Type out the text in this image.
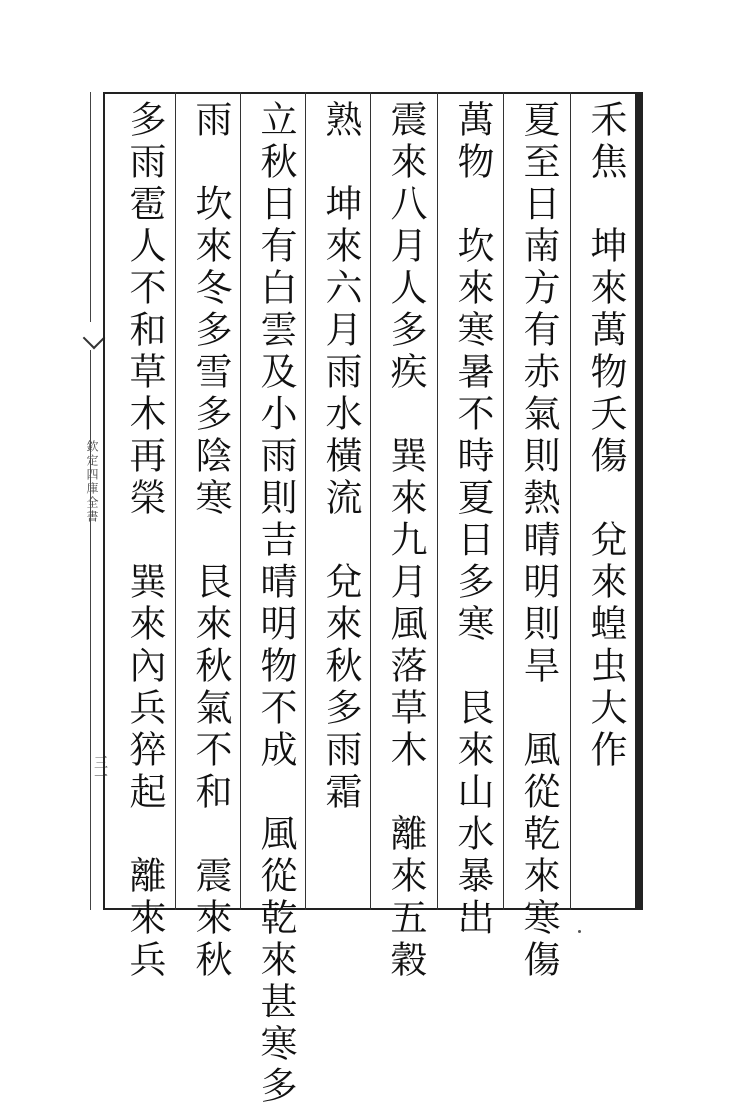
欽定四庫全書
三一	禾焦　坤來萬物夭傷　兌來蝗虫大作
夏至日南方有赤氣則熱晴明則旱　風從乾來寒傷
萬物　坎來寒暑不時夏日多寒　艮來山水暴出
震來八月人多疾　巽來九月風落草木　離來五穀
熟　坤來六月雨水橫流　兌來秋多雨霜
立秋日有白雲及小雨則吉晴明物不成　風從乾來甚寒多
雨　坎來冬多雪多陰寒　艮來秋氣不和　震來秋
多雨雹人不和草木再榮　巽來內兵猝起　離來兵
